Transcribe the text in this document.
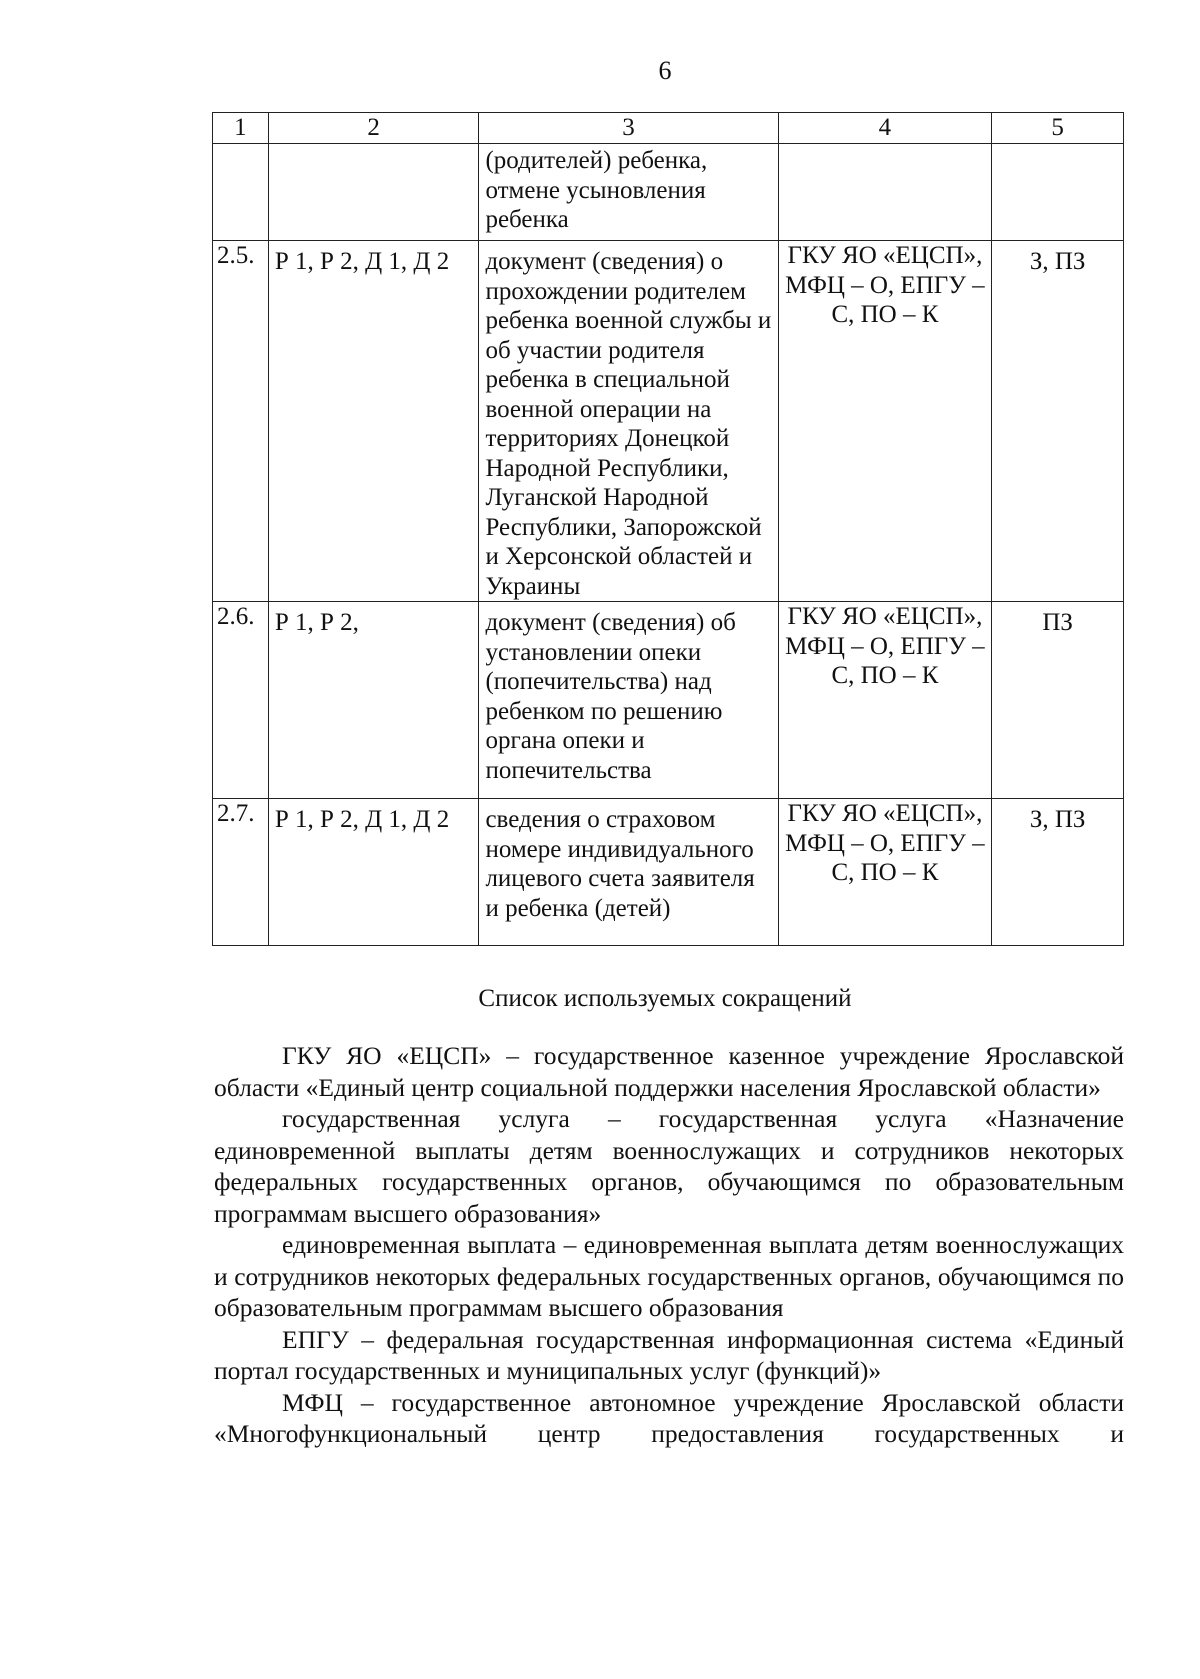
6
1	2	3	4	5
		(родителей) ребенка, отмене усыновления ребенка		
2.5.	Р 1, Р 2, Д 1, Д 2	документ (сведения) о прохождении родителем ребенка военной службы и об участии родителя ребенка в специальной военной операции на территориях Донецкой Народной Республики, Луганской Народной Республики, Запорожской и Херсонской областей и Украины	ГКУ ЯО «ЕЦСП», МФЦ – О, ЕПГУ – С, ПО – К	З, ПЗ
2.6.	Р 1, Р 2,	документ (сведения) об установлении опеки (попечительства) над ребенком по решению органа опеки и попечительства	ГКУ ЯО «ЕЦСП», МФЦ – О, ЕПГУ – С, ПО – К	ПЗ
2.7.	Р 1, Р 2, Д 1, Д 2	сведения о страховом номере индивидуального лицевого счета заявителя и ребенка (детей)	ГКУ ЯО «ЕЦСП», МФЦ – О, ЕПГУ – С, ПО – К	З, ПЗ
Список используемых сокращений

ГКУ ЯО «ЕЦСП» – государственное казенное учреждение Ярославской области «Единый центр социальной поддержки населения Ярославской области»

государственная услуга – государственная услуга «Назначение единовременной выплаты детям военнослужащих и сотрудников некоторых федеральных государственных органов, обучающимся по образовательным программам высшего образования»

единовременная выплата – единовременная выплата детям военнослужащих и сотрудников некоторых федеральных государственных органов, обучающимся по образовательным программам высшего образования

ЕПГУ – федеральная государственная информационная система «Единый портал государственных и муниципальных услуг (функций)»

МФЦ – государственное автономное учреждение Ярославской области «Многофункциональный центр предоставления государственных и
